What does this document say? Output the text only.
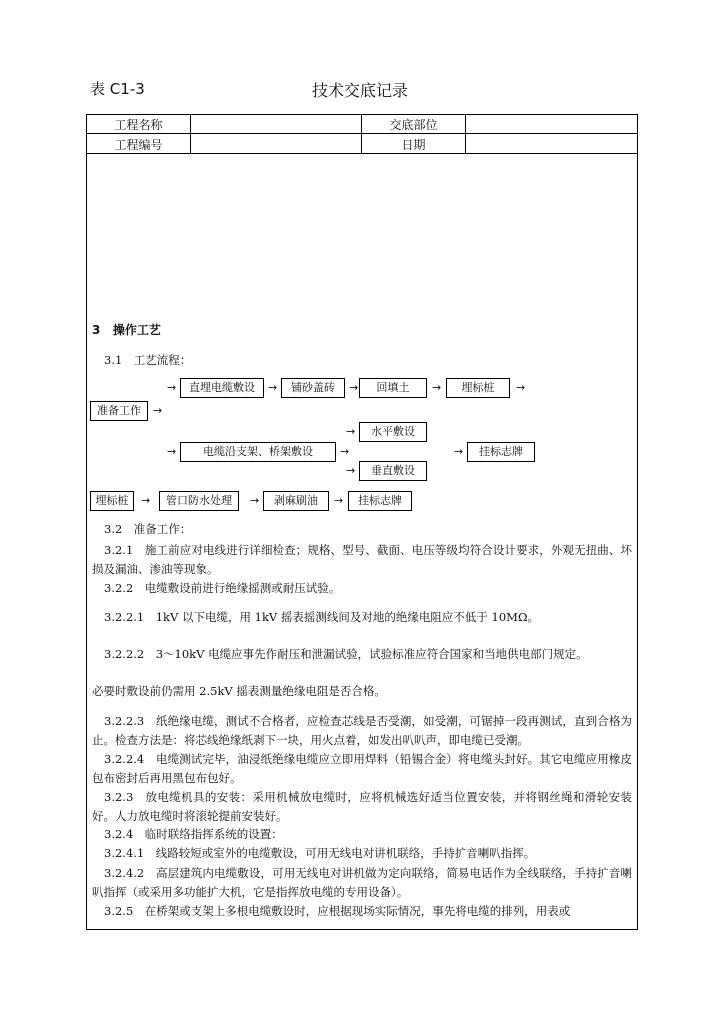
表 C1-3	技术交底记录
工程名称	交底部位
工程编号	日期
3 操作工艺
3.1　工艺流程：
准备工作	→
→
→
直埋电缆敷设	→	铺砂盖砖	→	回填土	→	埋标桩	→
电缆沿支架、桥架敷设	→
→	水平敷设
→	垂直敷设
→	挂标志牌
埋标桩	→	管口防水处理	→	剥麻刷油	→	挂标志牌
3.2　准备工作：
3.2.1　施工前应对电线进行详细检查；规格、型号、截面、电压等级均符合设计要求，外观无扭曲、坏损及漏油、渗油等现象。
3.2.2　电缆敷设前进行绝缘摇测或耐压试验。
3.2.2.1　1kV 以下电缆，用 1kV 摇表摇测线间及对地的绝缘电阻应不低于 10MΩ。
3.2.2.2　3～10kV 电缆应事先作耐压和泄漏试验，试验标准应符合国家和当地供电部门规定。
必要时敷设前仍需用 2.5kV 摇表测量绝缘电阻是否合格。
3.2.2.3　纸绝缘电缆，测试不合格者，应检查芯线是否受潮，如受潮，可锯掉一段再测试，直到合格为止。检查方法是：将芯线绝缘纸剥下一块，用火点着，如发出叭叭声，即电缆已受潮。
3.2.2.4　电缆测试完毕，油浸纸绝缘电缆应立即用焊料（铅锡合金）将电缆头封好。其它电缆应用橡皮包布密封后再用黑包布包好。
3.2.3　放电缆机具的安装：采用机械放电缆时，应将机械选好适当位置安装，并将钢丝绳和滑轮安装好。人力放电缆时将滚轮提前安装好。
3.2.4　临时联络指挥系统的设置：
3.2.4.1　线路较短或室外的电缆敷设，可用无线电对讲机联络，手持扩音喇叭指挥。
3.2.4.2　高层建筑内电缆敷设，可用无线电对讲机做为定向联络，简易电话作为全线联络，手持扩音喇叭指挥（或采用多功能扩大机，它是指挥放电缆的专用设备）。
3.2.5　在桥架或支架上多根电缆敷设时，应根据现场实际情况，事先将电缆的排列，用表或
